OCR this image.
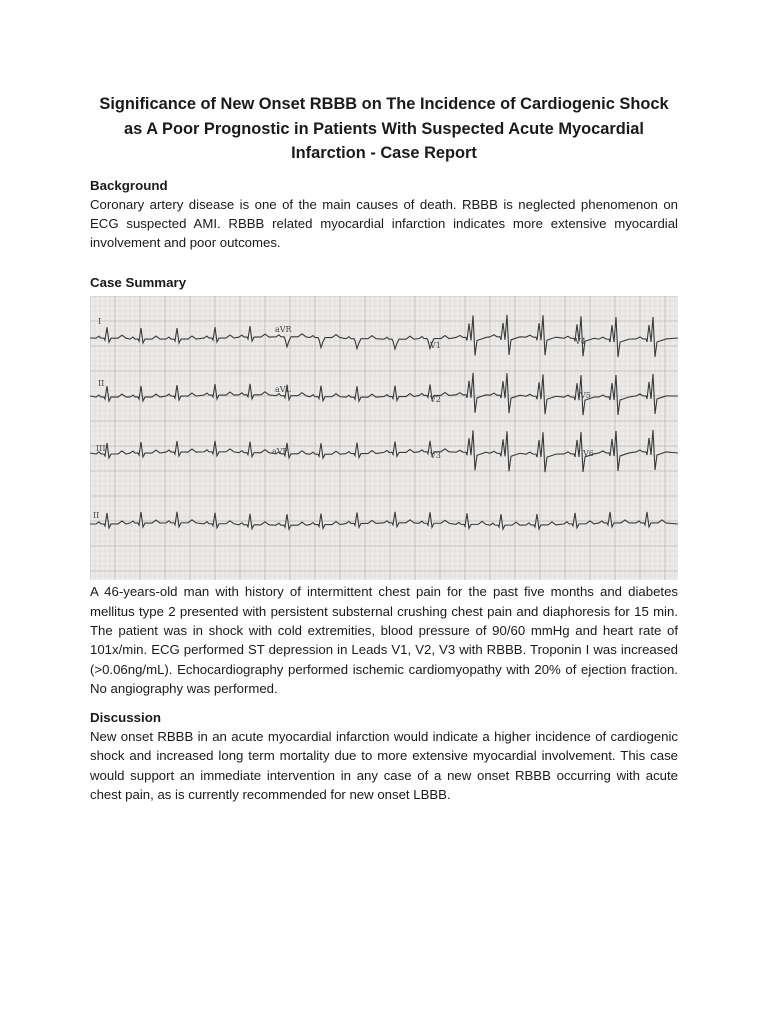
Significance of New Onset RBBB on The Incidence of Cardiogenic Shock as A Poor Prognostic in Patients With Suspected Acute Myocardial Infarction - Case Report
Background

Coronary artery disease is one of the main causes of death. RBBB is neglected phenomenon on ECG suspected AMI. RBBB related myocardial infarction indicates more extensive myocardial involvement and poor outcomes.

Case Summary
I
aVR
V1	V4
II
aVL
V2	V5
III	aVF	V3	V6
II

A 46-years-old man with history of intermittent chest pain for the past five months and diabetes mellitus type 2 presented with persistent substernal crushing chest pain and diaphoresis for 15 min. The patient was in shock with cold extremities, blood pressure of 90/60 mmHg and heart rate of 101x/min. ECG performed ST depression in Leads V1, V2, V3 with RBBB. Troponin I was increased (>0.06ng/mL). Echocardiography performed ischemic cardiomyopathy with 20% of ejection fraction. No angiography was performed.

Discussion

New onset RBBB in an acute myocardial infarction would indicate a higher incidence of cardiogenic shock and increased long term mortality due to more extensive myocardial involvement. This case would support an immediate intervention in any case of a new onset RBBB occurring with acute chest pain, as is currently recommended for new onset LBBB.
